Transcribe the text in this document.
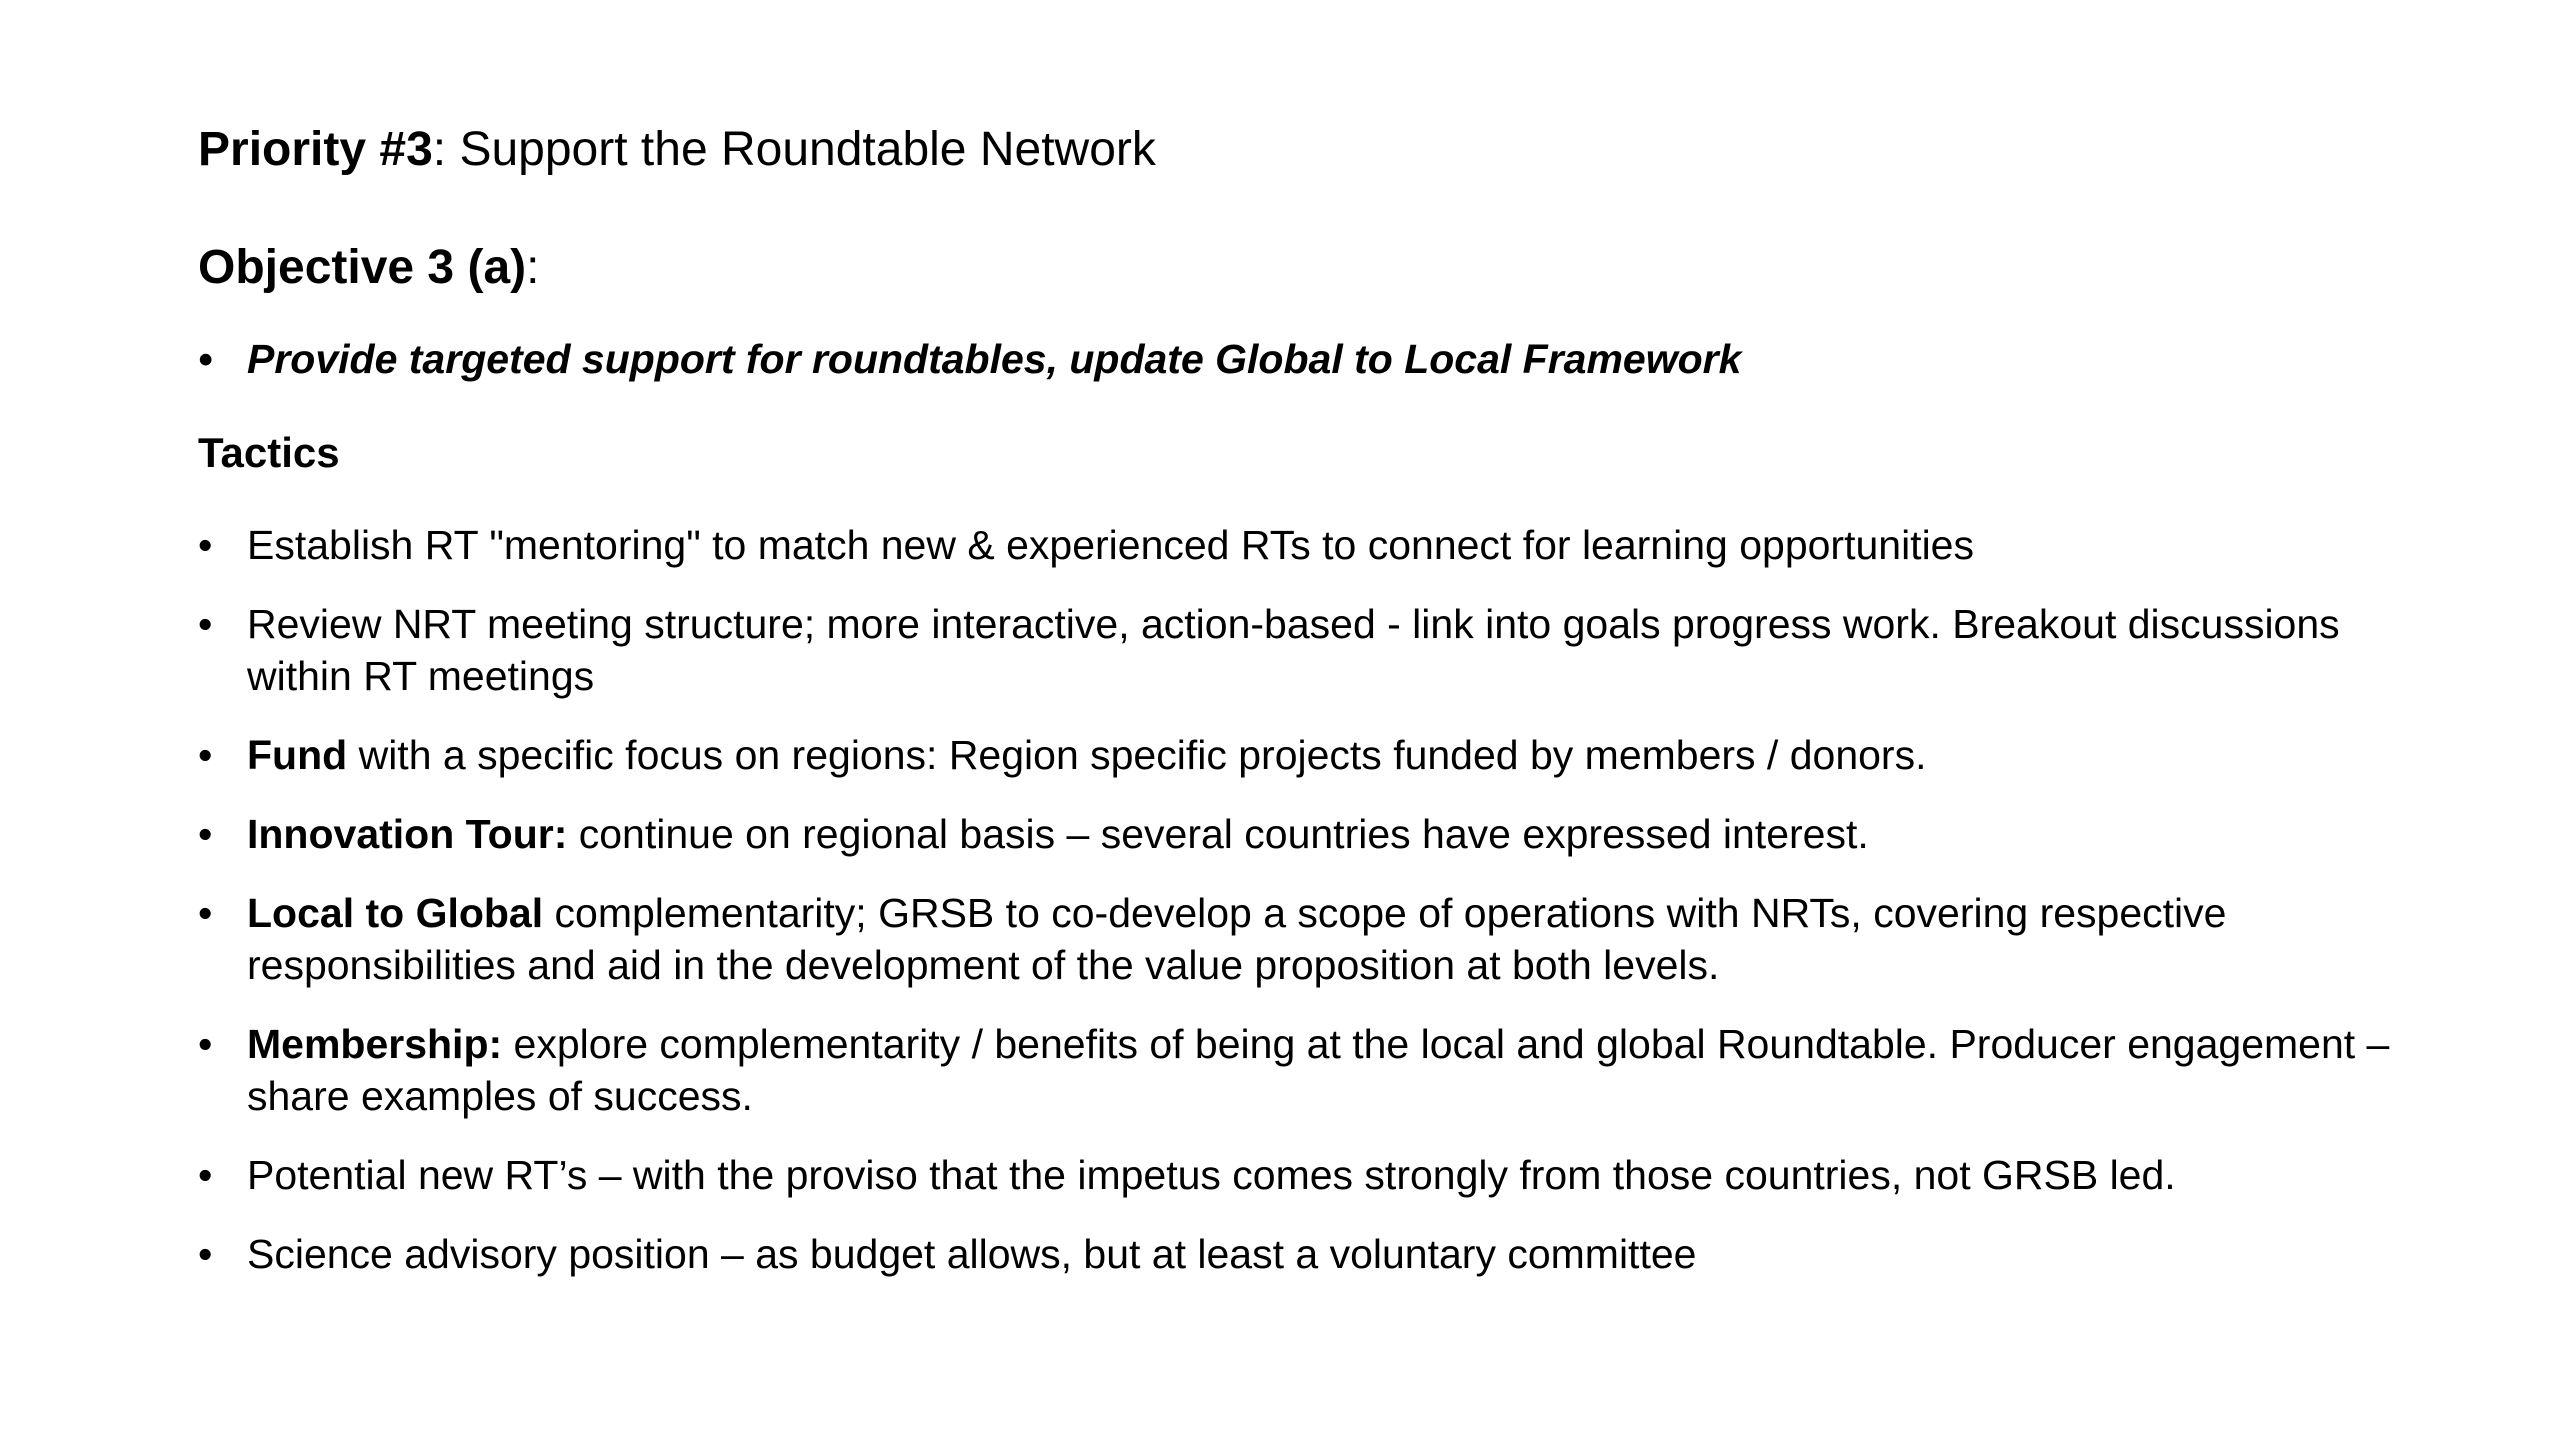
Priority #3: Support the Roundtable Network

Objective 3 (a):

• Provide targeted support for roundtables, update Global to Local Framework

Tactics

• Establish RT "mentoring" to match new & experienced RTs to connect for learning opportunities
• Review NRT meeting structure; more interactive, action-based - link into goals progress work. Breakout discussions within RT meetings
• Fund with a specific focus on regions: Region specific projects funded by members / donors.
• Innovation Tour: continue on regional basis – several countries have expressed interest.
• Local to Global complementarity; GRSB to co-develop a scope of operations with NRTs, covering respective responsibilities and aid in the development of the value proposition at both levels.
• Membership: explore complementarity / benefits of being at the local and global Roundtable. Producer engagement – share examples of success.
• Potential new RT’s – with the proviso that the impetus comes strongly from those countries, not GRSB led.
• Science advisory position – as budget allows, but at least a voluntary committee
